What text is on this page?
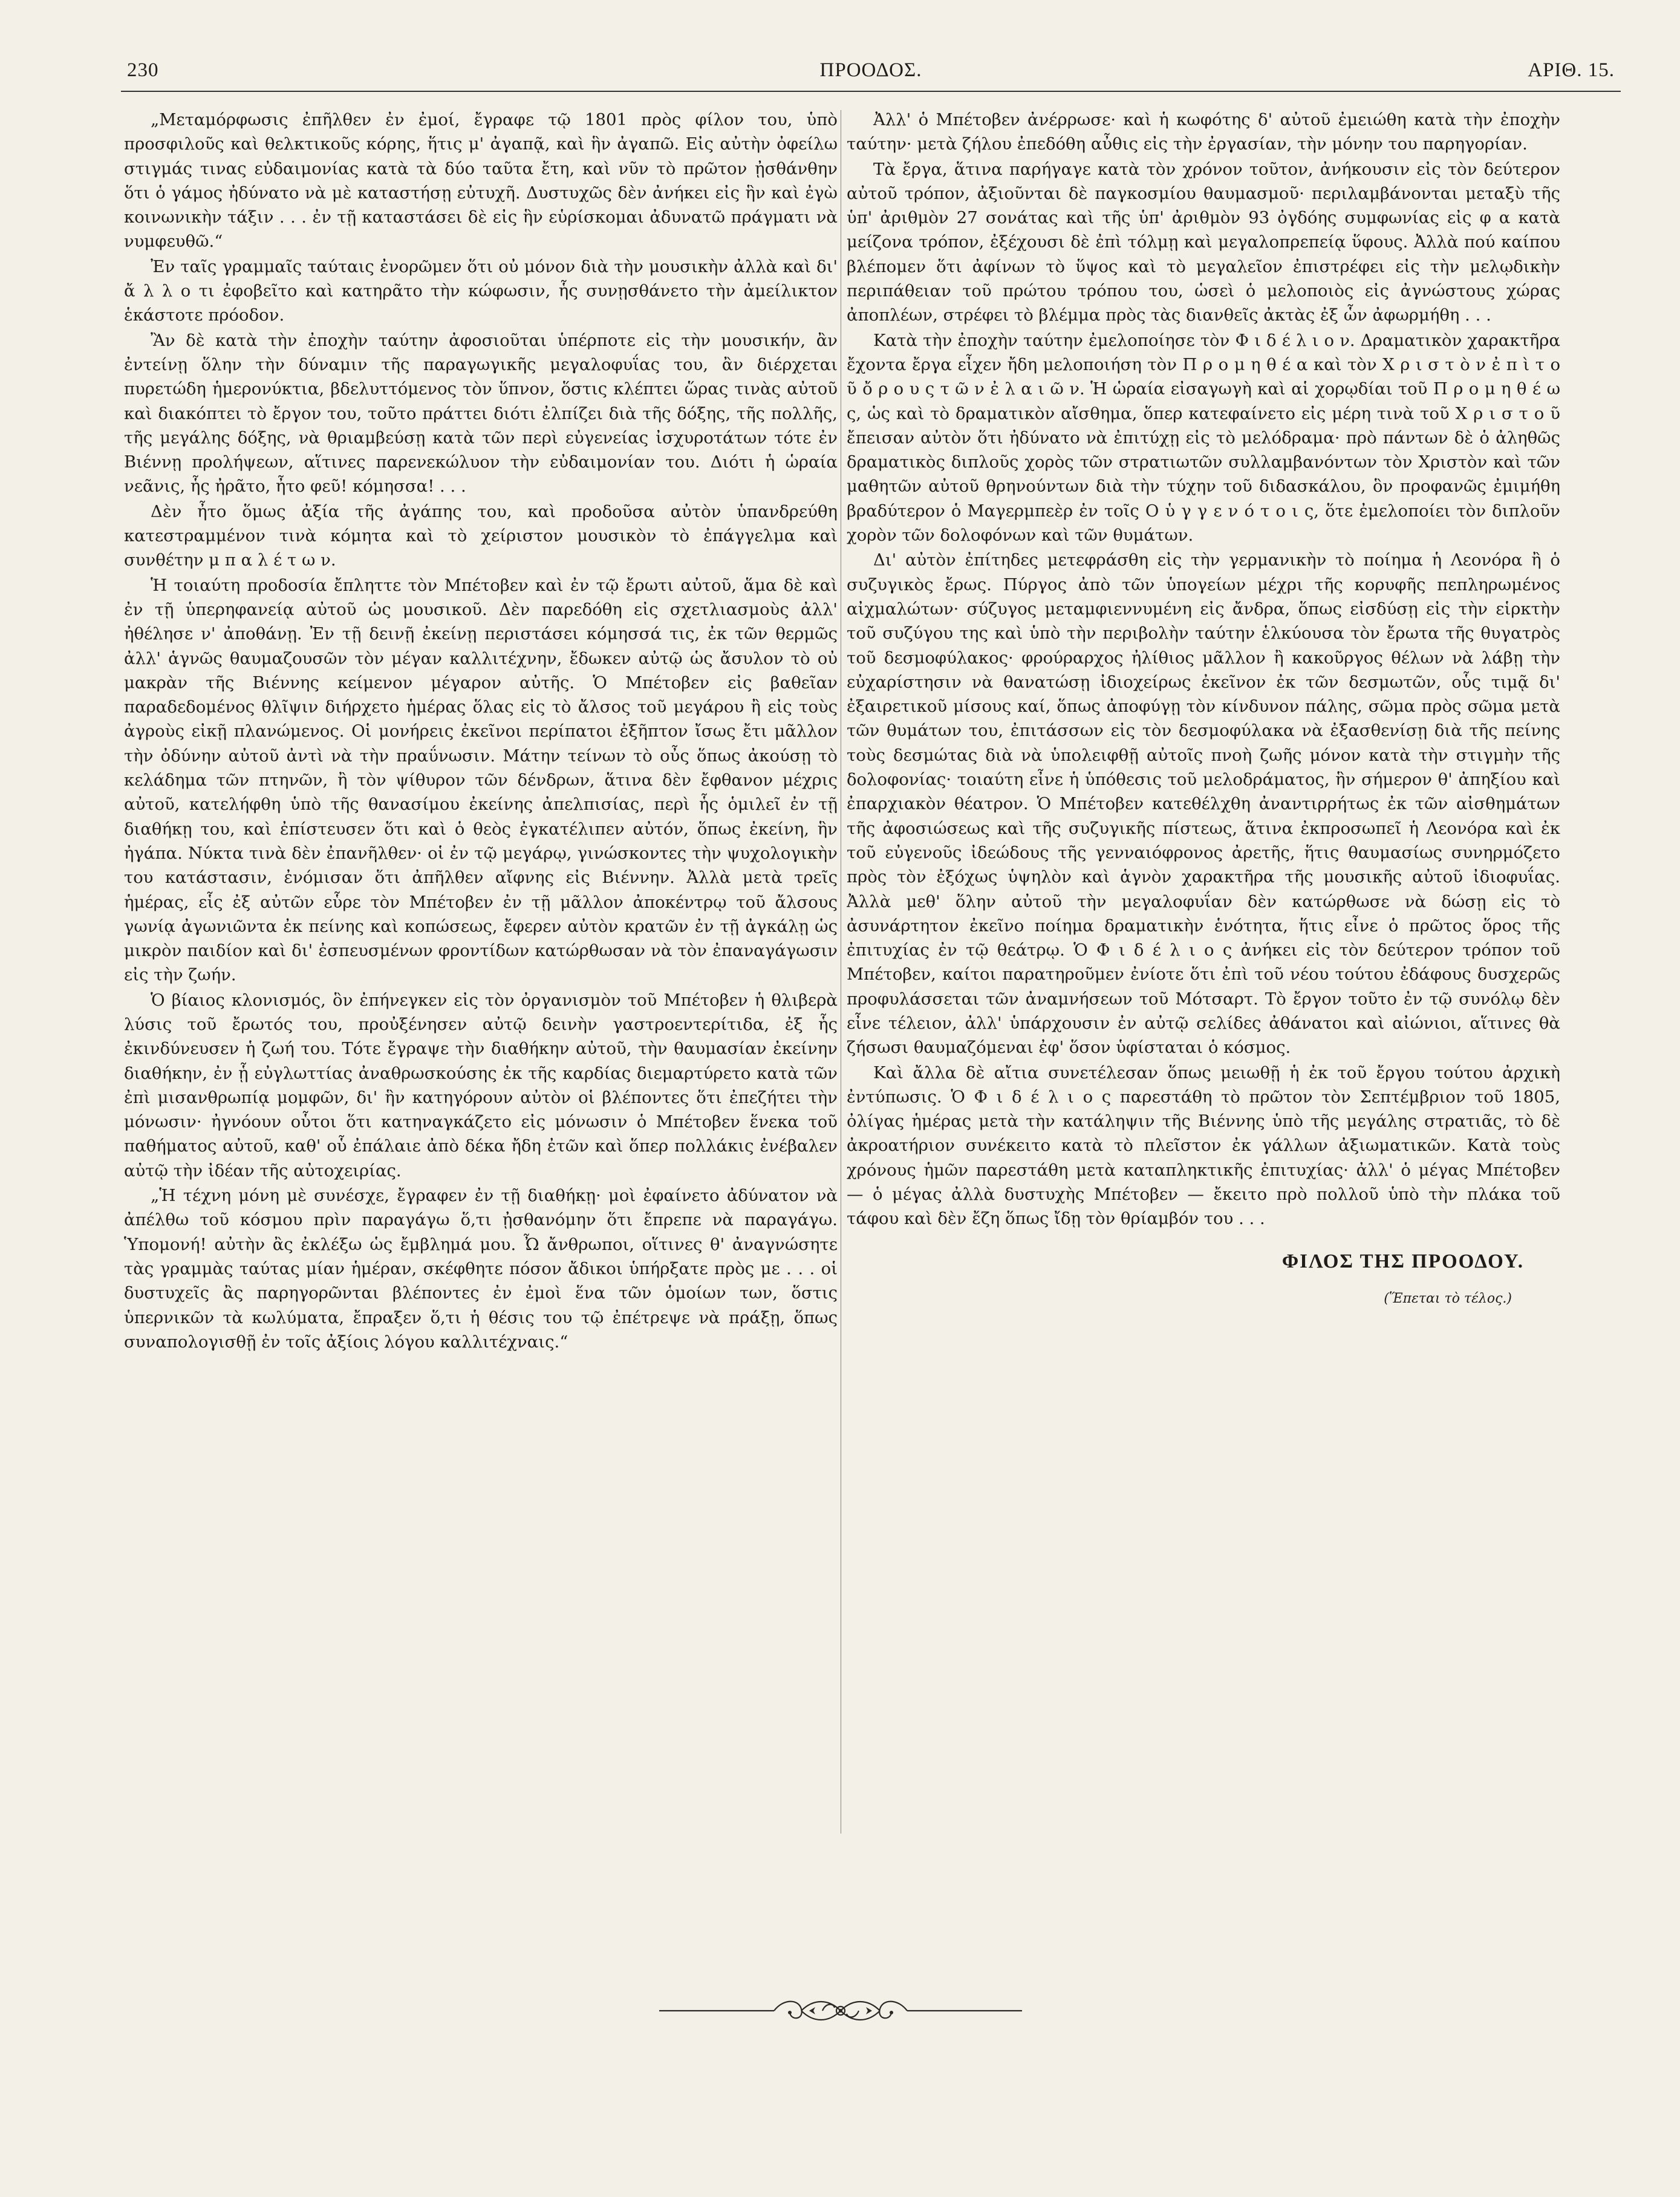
ΠΡΟΟΔΟΣ.
230	ΑΡΙΘ. 15.

„Μεταμόρφωσις ἐπῆλθεν ἐν ἐμοί, ἔγραφε τῷ 1801 πρὸς φίλον του, ὑπὸ προσφιλοῦς καὶ θελκτικοῦς κόρης, ἥτις μ' ἀγαπᾷ, καὶ ἣν ἀγαπῶ. Εἰς αὐτὴν ὀφείλω στιγμάς τινας εὐδαιμονίας κατὰ τὰ δύο ταῦτα ἔτη, καὶ νῦν τὸ πρῶτον ᾐσθάνθην ὅτι ὁ γάμος ἠδύνατο νὰ μὲ καταστήσῃ εὐτυχῆ. Δυστυχῶς δὲν ἀνήκει εἰς ἣν καὶ ἐγὼ κοινωνικὴν τάξιν . . . ἐν τῇ καταστάσει δὲ εἰς ἣν εὑρίσκομαι ἀδυνατῶ πράγματι νὰ νυμφευθῶ.“

Ἐν ταῖς γραμμαῖς ταύταις ἐνορῶμεν ὅτι οὐ μόνον διὰ τὴν μουσικὴν ἀλλὰ καὶ δι' ἄ λ λ ο τι ἐφοβεῖτο καὶ κατηρᾶτο τὴν κώφωσιν, ἧς συνῃσθάνετο τὴν ἀμείλικτον ἑκάστοτε πρόοδον.

Ἂν δὲ κατὰ τὴν ἐποχὴν ταύτην ἀφοσιοῦται ὑπέρποτε εἰς τὴν μουσικήν, ἂν ἐντείνῃ ὅλην τὴν δύναμιν τῆς παραγωγικῆς μεγαλοφυΐας του, ἂν διέρχεται πυρετώδη ἡμερονύκτια, βδελυττόμενος τὸν ὕπνον, ὅστις κλέπτει ὥρας τινὰς αὐτοῦ καὶ διακόπτει τὸ ἔργον του, τοῦτο πράττει διότι ἐλπίζει διὰ τῆς δόξης, τῆς πολλῆς, τῆς μεγάλης δόξης, νὰ θριαμβεύσῃ κατὰ τῶν περὶ εὐγενείας ἰσχυροτάτων τότε ἐν Βιέννῃ προλήψεων, αἵτινες παρενεκώλυον τὴν εὐδαιμονίαν του. Διότι ἡ ὡραία νεᾶνις, ἧς ἠρᾶτο, ἦτο φεῦ! κόμησσα! . . .

Δὲν ἦτο ὅμως ἀξία τῆς ἀγάπης του, καὶ προδοῦσα αὐτὸν ὑπανδρεύθη κατεστραμμένον τινὰ κόμητα καὶ τὸ χείριστον μουσικὸν τὸ ἐπάγγελμα καὶ συνθέτην μ π α λ έ τ ω ν.

Ἡ τοιαύτη προδοσία ἔπληττε τὸν Μπέτοβεν καὶ ἐν τῷ ἔρωτι αὐτοῦ, ἅμα δὲ καὶ ἐν τῇ ὑπερηφανείᾳ αὐτοῦ ὡς μουσικοῦ. Δὲν παρεδόθη εἰς σχετλιασμοὺς ἀλλ' ἠθέλησε ν' ἀποθάνῃ. Ἐν τῇ δεινῇ ἐκείνῃ περιστάσει κόμησσά τις, ἐκ τῶν θερμῶς ἀλλ' ἁγνῶς θαυμαζουσῶν τὸν μέγαν καλλιτέχνην, ἔδωκεν αὐτῷ ὡς ἄσυλον τὸ οὐ μακρὰν τῆς Βιέννης κείμενον μέγαρον αὐτῆς. Ὁ Μπέτοβεν εἰς βαθεῖαν παραδεδομένος θλῖψιν διήρχετο ἡμέρας ὅλας εἰς τὸ ἄλσος τοῦ μεγάρου ἢ εἰς τοὺς ἀγροὺς εἰκῇ πλανώμενος. Οἱ μονήρεις ἐκεῖνοι περίπατοι ἐξῆπτον ἴσως ἔτι μᾶλλον τὴν ὀδύνην αὐτοῦ ἀντὶ νὰ τὴν πραΰνωσιν. Μάτην τείνων τὸ οὖς ὅπως ἀκούσῃ τὸ κελάδημα τῶν πτηνῶν, ἢ τὸν ψίθυρον τῶν δένδρων, ἅτινα δὲν ἔφθανον μέχρις αὐτοῦ, κατελήφθη ὑπὸ τῆς θανασίμου ἐκείνης ἀπελπισίας, περὶ ἧς ὁμιλεῖ ἐν τῇ διαθήκῃ του, καὶ ἐπίστευσεν ὅτι καὶ ὁ θεὸς ἐγκατέλιπεν αὐτόν, ὅπως ἐκείνη, ἣν ἠγάπα. Νύκτα τινὰ δὲν ἐπανῆλθεν· οἱ ἐν τῷ μεγάρῳ, γινώσκοντες τὴν ψυχολογικὴν του κατάστασιν, ἐνόμισαν ὅτι ἀπῆλθεν αἴφνης εἰς Βιέννην. Ἀλλὰ μετὰ τρεῖς ἡμέρας, εἷς ἐξ αὐτῶν εὗρε τὸν Μπέτοβεν ἐν τῇ μᾶλλον ἀποκέντρῳ τοῦ ἄλσους γωνίᾳ ἀγωνιῶντα ἐκ πείνης καὶ κοπώσεως, ἔφερεν αὐτὸν κρατῶν ἐν τῇ ἀγκάλῃ ὡς μικρὸν παιδίον καὶ δι' ἐσπευσμένων φροντίδων κατώρθωσαν νὰ τὸν ἐπαναγάγωσιν εἰς τὴν ζωήν.

Ὁ βίαιος κλονισμός, ὃν ἐπήνεγκεν εἰς τὸν ὀργανισμὸν τοῦ Μπέτοβεν ἡ θλιβερὰ λύσις τοῦ ἔρωτός του, προὐξένησεν αὐτῷ δεινὴν γαστροεντερίτιδα, ἐξ ἧς ἐκινδύνευσεν ἡ ζωή του. Τότε ἔγραψε τὴν διαθήκην αὐτοῦ, τὴν θαυμασίαν ἐκείνην διαθήκην, ἐν ᾗ εὐγλωττίας ἀναθρωσκούσης ἐκ τῆς καρδίας διεμαρτύρετο κατὰ τῶν ἐπὶ μισανθρωπίᾳ μομφῶν, δι' ἣν κατηγόρουν αὐτὸν οἱ βλέποντες ὅτι ἐπεζήτει τὴν μόνωσιν· ἠγνόουν οὗτοι ὅτι κατηναγκάζετο εἰς μόνωσιν ὁ Μπέτοβεν ἕνεκα τοῦ παθήματος αὐτοῦ, καθ' οὗ ἐπάλαιε ἀπὸ δέκα ἤδη ἐτῶν καὶ ὅπερ πολλάκις ἐνέβαλεν αὐτῷ τὴν ἰδέαν τῆς αὐτοχειρίας.

„Ἡ τέχνη μόνη μὲ συνέσχε, ἔγραφεν ἐν τῇ διαθήκῃ· μοὶ ἐφαίνετο ἀδύνατον νὰ ἀπέλθω τοῦ κόσμου πρὶν παραγάγω ὅ,τι ᾐσθανόμην ὅτι ἔπρεπε νὰ παραγάγω. Ὑπομονή! αὐτὴν ἂς ἐκλέξω ὡς ἔμβλημά μου. Ὦ ἄνθρωποι, οἵτινες θ' ἀναγνώσητε τὰς γραμμὰς ταύτας μίαν ἡμέραν, σκέφθητε πόσον ἄδικοι ὑπήρξατε πρὸς με . . . οἱ δυστυχεῖς ἂς παρηγορῶνται βλέποντες ἐν ἐμοὶ ἕνα τῶν ὁμοίων των, ὅστις ὑπερνικῶν τὰ κωλύματα, ἔπραξεν ὅ,τι ἡ θέσις του τῷ ἐπέτρεψε νὰ πράξῃ, ὅπως συναπολογισθῇ ἐν τοῖς ἀξίοις λόγου καλλιτέχναις.“

Ἀλλ' ὁ Μπέτοβεν ἀνέρρωσε· καὶ ἡ κωφότης δ' αὐτοῦ ἐμειώθη κατὰ τὴν ἐποχὴν ταύτην· μετὰ ζήλου ἐπεδόθη αὖθις εἰς τὴν ἐργασίαν, τὴν μόνην του παρηγορίαν.

Τὰ ἔργα, ἅτινα παρήγαγε κατὰ τὸν χρόνον τοῦτον, ἀνήκουσιν εἰς τὸν δεύτερον αὐτοῦ τρόπον, ἀξιοῦνται δὲ παγκοσμίου θαυμασμοῦ· περιλαμβάνονται μεταξὺ τῆς ὑπ' ἀριθμὸν 27 σονάτας καὶ τῆς ὑπ' ἀριθμὸν 93 ὀγδόης συμφωνίας εἰς φ α κατὰ μείζονα τρόπον, ἐξέχουσι δὲ ἐπὶ τόλμῃ καὶ μεγαλοπρεπείᾳ ὕφους. Ἀλλὰ πού καίπου βλέπομεν ὅτι ἀφίνων τὸ ὕψος καὶ τὸ μεγαλεῖον ἐπιστρέφει εἰς τὴν μελῳδικὴν περιπάθειαν τοῦ πρώτου τρόπου του, ὡσεὶ ὁ μελοποιὸς εἰς ἀγνώστους χώρας ἀποπλέων, στρέφει τὸ βλέμμα πρὸς τὰς διανθεῖς ἀκτὰς ἐξ ὧν ἀφωρμήθη . . .

Κατὰ τὴν ἐποχὴν ταύτην ἐμελοποίησε τὸν Φ ι δ έ λ ι ο ν. Δραματικὸν χαρακτῆρα ἔχοντα ἔργα εἶχεν ἤδη μελοποιήση τὸν Π ρ ο μ η θ έ α καὶ τὸν Χ ρ ι σ τ ὸ ν ἐ π ὶ τ ο ῦ ὄ ρ ο υ ς τ ῶ ν ἐ λ α ι ῶ ν. Ἡ ὡραία εἰσαγωγὴ καὶ αἱ χορῳδίαι τοῦ Π ρ ο μ η θ έ ω ς, ὡς καὶ τὸ δραματικὸν αἴσθημα, ὅπερ κατεφαίνετο εἰς μέρη τινὰ τοῦ Χ ρ ι σ τ ο ῦ ἔπεισαν αὐτὸν ὅτι ἠδύνατο νὰ ἐπιτύχῃ εἰς τὸ μελόδραμα· πρὸ πάντων δὲ ὁ ἀληθῶς δραματικὸς διπλοῦς χορὸς τῶν στρατιωτῶν συλλαμβανόντων τὸν Χριστὸν καὶ τῶν μαθητῶν αὐτοῦ θρηνούντων διὰ τὴν τύχην τοῦ διδασκάλου, ὃν προφανῶς ἐμιμήθη βραδύτερον ὁ Μαγερμπεὲρ ἐν τοῖς Ο ὑ γ γ ε ν ό τ ο ι ς, ὅτε ἐμελοποίει τὸν διπλοῦν χορὸν τῶν δολοφόνων καὶ τῶν θυμάτων.

Δι' αὐτὸν ἐπίτηδες μετεφράσθη εἰς τὴν γερμανικὴν τὸ ποίημα ἡ Λεονόρα ἢ ὁ συζυγικὸς ἔρως. Πύργος ἀπὸ τῶν ὑπογείων μέχρι τῆς κορυφῆς πεπληρωμένος αἰχμαλώτων· σύζυγος μεταμφιεννυμένη εἰς ἄνδρα, ὅπως εἰσδύσῃ εἰς τὴν εἱρκτὴν τοῦ συζύγου της καὶ ὑπὸ τὴν περιβολὴν ταύτην ἑλκύουσα τὸν ἔρωτα τῆς θυγατρὸς τοῦ δεσμοφύλακος· φρούραρχος ἠλίθιος μᾶλλον ἢ κακοῦργος θέλων νὰ λάβῃ τὴν εὐχαρίστησιν νὰ θανατώσῃ ἰδιοχείρως ἐκεῖνον ἐκ τῶν δεσμωτῶν, οὗς τιμᾷ δι' ἐξαιρετικοῦ μίσους καί, ὅπως ἀποφύγῃ τὸν κίνδυνον πάλης, σῶμα πρὸς σῶμα μετὰ τῶν θυμάτων του, ἐπιτάσσων εἰς τὸν δεσμοφύλακα νὰ ἐξασθενίσῃ διὰ τῆς πείνης τοὺς δεσμώτας διὰ νὰ ὑπολειφθῇ αὐτοῖς πνοὴ ζωῆς μόνον κατὰ τὴν στιγμὴν τῆς δολοφονίας· τοιαύτη εἶνε ἡ ὑπόθεσις τοῦ μελοδράματος, ἣν σήμερον θ' ἀπηξίου καὶ ἐπαρχιακὸν θέατρον. Ὁ Μπέτοβεν κατεθέλχθη ἀναντιρρήτως ἐκ τῶν αἰσθημάτων τῆς ἀφοσιώσεως καὶ τῆς συζυγικῆς πίστεως, ἅτινα ἐκπροσωπεῖ ἡ Λεονόρα καὶ ἐκ τοῦ εὐγενοῦς ἰδεώδους τῆς γενναιόφρονος ἀρετῆς, ἥτις θαυμασίως συνηρμόζετο πρὸς τὸν ἐξόχως ὑψηλὸν καὶ ἁγνὸν χαρακτῆρα τῆς μουσικῆς αὐτοῦ ἰδιοφυΐας. Ἀλλὰ μεθ' ὅλην αὐτοῦ τὴν μεγαλοφυΐαν δὲν κατώρθωσε νὰ δώσῃ εἰς τὸ ἀσυνάρτητον ἐκεῖνο ποίημα δραματικὴν ἑνότητα, ἥτις εἶνε ὁ πρῶτος ὅρος τῆς ἐπιτυχίας ἐν τῷ θεάτρῳ. Ὁ Φ ι δ έ λ ι ο ς ἀνήκει εἰς τὸν δεύτερον τρόπον τοῦ Μπέτοβεν, καίτοι παρατηροῦμεν ἐνίοτε ὅτι ἐπὶ τοῦ νέου τούτου ἐδάφους δυσχερῶς προφυλάσσεται τῶν ἀναμνήσεων τοῦ Μότσαρτ. Τὸ ἔργον τοῦτο ἐν τῷ συνόλῳ δὲν εἶνε τέλειον, ἀλλ' ὑπάρχουσιν ἐν αὐτῷ σελίδες ἀθάνατοι καὶ αἰώνιοι, αἵτινες θὰ ζήσωσι θαυμαζόμεναι ἐφ' ὅσον ὑφίσταται ὁ κόσμος.

Καὶ ἄλλα δὲ αἴτια συνετέλεσαν ὅπως μειωθῇ ἡ ἐκ τοῦ ἔργου τούτου ἀρχικὴ ἐντύπωσις. Ὁ Φ ι δ έ λ ι ο ς παρεστάθη τὸ πρῶτον τὸν Σεπτέμβριον τοῦ 1805, ὀλίγας ἡμέρας μετὰ τὴν κατάληψιν τῆς Βιέννης ὑπὸ τῆς μεγάλης στρατιᾶς, τὸ δὲ ἀκροατήριον συνέκειτο κατὰ τὸ πλεῖστον ἐκ γάλλων ἀξιωματικῶν. Κατὰ τοὺς χρόνους ἡμῶν παρεστάθη μετὰ καταπληκτικῆς ἐπιτυχίας· ἀλλ' ὁ μέγας Μπέτοβεν — ὁ μέγας ἀλλὰ δυστυχὴς Μπέτοβεν — ἔκειτο πρὸ πολλοῦ ὑπὸ τὴν πλάκα τοῦ τάφου καὶ δὲν ἔζη ὅπως ἴδῃ τὸν θρίαμβόν του . . .

ΦΙΛΟΣ ΤΗΣ ΠΡΟΟΔΟΥ.

(Ἕπεται τὸ τέλος.)
